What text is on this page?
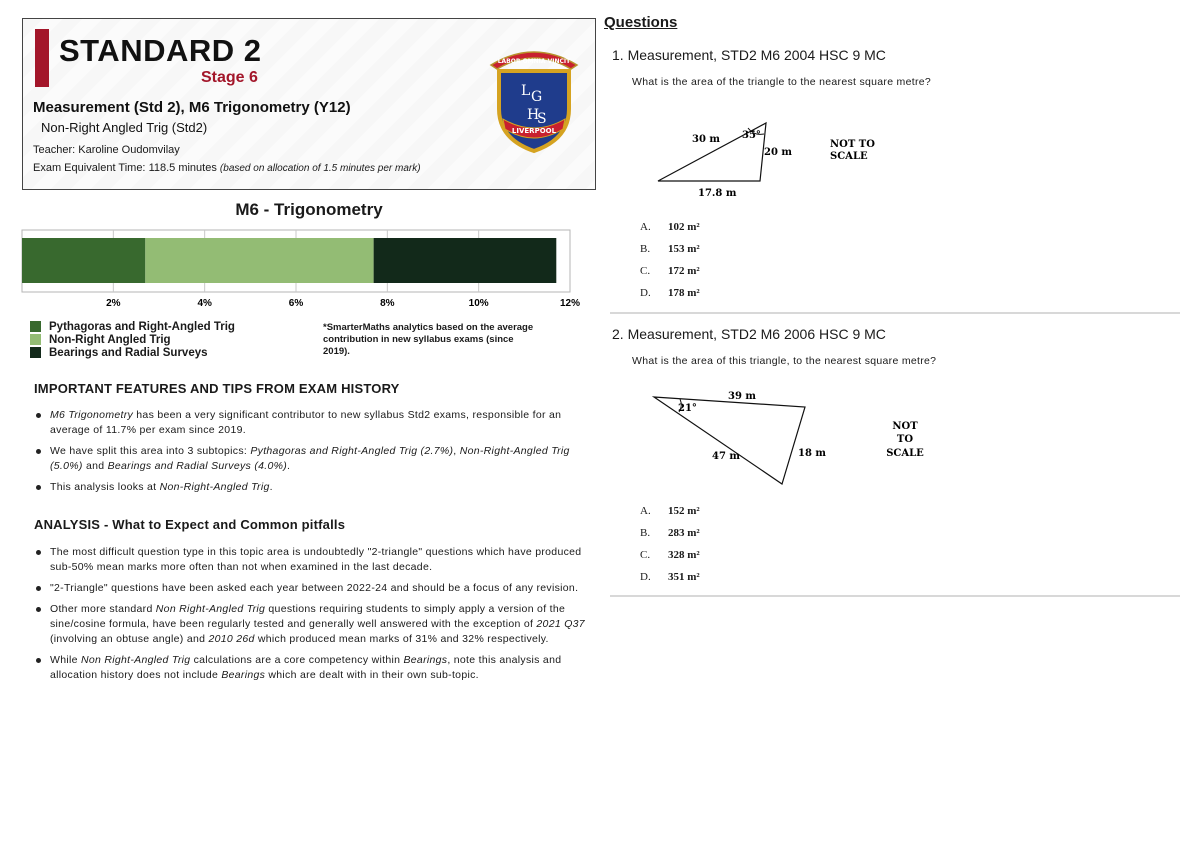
STANDARD 2
Stage 6
Measurement (Std 2), M6 Trigonometry (Y12)
Non-Right Angled Trig (Std2)
Teacher: Karoline Oudomvilay
Exam Equivalent Time: 118.5 minutes (based on allocation of 1.5 minutes per mark)
LABOR OMNIA VINCIT
LIVERPOOL
L G
H
S
M6 - Trigonometry
2%	4%	6%	8%	10%	12%
Pythagoras and Right-Angled Trig
Non-Right Angled Trig
Bearings and Radial Surveys
*SmarterMaths analytics based on the average contribution in new syllabus exams (since 2019).
IMPORTANT FEATURES AND TIPS FROM EXAM HISTORY
M6 Trigonometry has been a very significant contributor to new syllabus Std2 exams, responsible for an average of 11.7% per exam since 2019.
We have split this area into 3 subtopics: Pythagoras and Right-Angled Trig (2.7%), Non-Right-Angled Trig (5.0%) and Bearings and Radial Surveys (4.0%).
This analysis looks at Non-Right-Angled Trig.
ANALYSIS - What to Expect and Common pitfalls
The most difficult question type in this topic area is undoubtedly "2-triangle" questions which have produced sub-50% mean marks more often than not when examined in the last decade.
"2-Triangle" questions have been asked each year between 2022-24 and should be a focus of any revision.
Other more standard Non Right-Angled Trig questions requiring students to simply apply a version of the sine/cosine formula, have been regularly tested and generally well answered with the exception of 2021 Q37 (involving an obtuse angle) and 2010 26d which produced mean marks of 31% and 32% respectively.
While Non Right-Angled Trig calculations are a core competency within Bearings, note this analysis and allocation history does not include Bearings which are dealt with in their own sub-topic.
Questions
1. Measurement, STD2 M6 2004 HSC 9 MC
What is the area of the triangle to the nearest square metre?
30 m 35°
20 m
17.8 m
NOT TO
SCALE
A.	102 m²
B.	153 m²
C.	172 m²
D.	178 m²
2. Measurement, STD2 M6 2006 HSC 9 MC
What is the area of this triangle, to the nearest square metre?
21°
39 m
47 m	18 m
NOT
TO
SCALE
A.	152 m²
B.	283 m²
C.	328 m²
D.	351 m²
